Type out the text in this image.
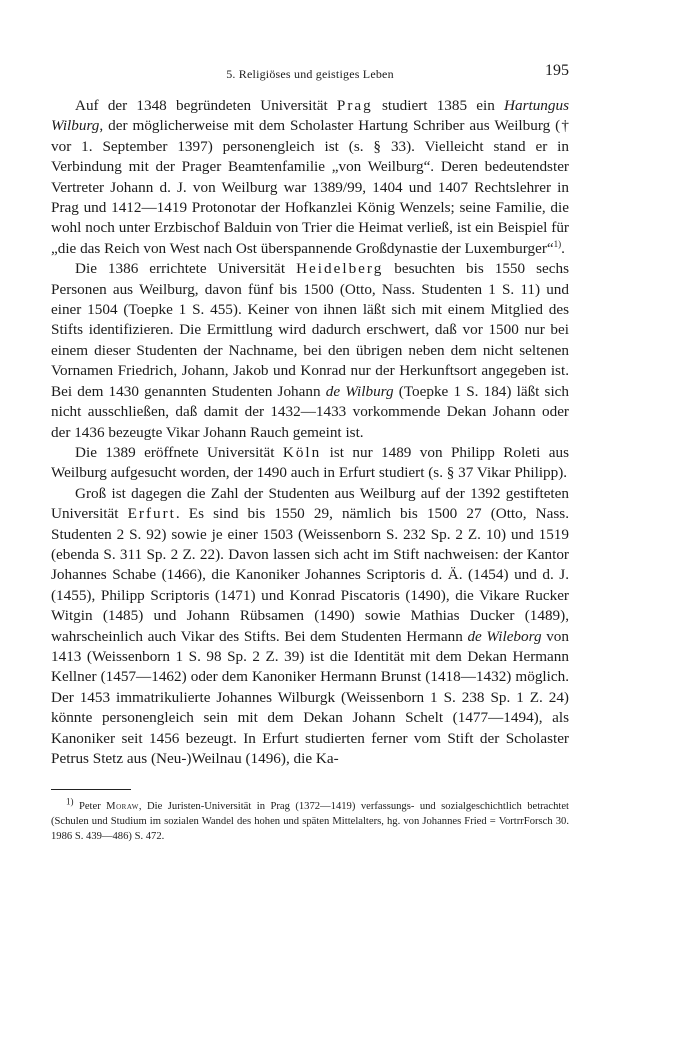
5. Religiöses und geistiges Leben	195

Auf der 1348 begründeten Universität Prag studiert 1385 ein Hartungus Wilburg, der möglicherweise mit dem Scholaster Hartung Schriber aus Weilburg († vor 1. September 1397) personengleich ist (s. § 33). Vielleicht stand er in Verbindung mit der Prager Beamtenfamilie „von Weilburg“. Deren bedeutendster Vertreter Johann d. J. von Weilburg war 1389/99, 1404 und 1407 Rechtslehrer in Prag und 1412—1419 Protonotar der Hofkanzlei König Wenzels; seine Familie, die wohl noch unter Erzbischof Balduin von Trier die Heimat verließ, ist ein Beispiel für „die das Reich von West nach Ost überspannende Großdynastie der Luxemburger“$^{1)}$.

Die 1386 errichtete Universität Heidelberg besuchten bis 1550 sechs Personen aus Weilburg, davon fünf bis 1500 (Otto, Nass. Studenten 1 S. 11) und einer 1504 (Toepke 1 S. 455). Keiner von ihnen läßt sich mit einem Mitglied des Stifts identifizieren. Die Ermittlung wird dadurch erschwert, daß vor 1500 nur bei einem dieser Studenten der Nachname, bei den übrigen neben dem nicht seltenen Vornamen Friedrich, Johann, Jakob und Konrad nur der Herkunftsort angegeben ist. Bei dem 1430 genannten Studenten Johann de Wilburg (Toepke 1 S. 184) läßt sich nicht ausschließen, daß damit der 1432—1433 vorkommende Dekan Johann oder der 1436 bezeugte Vikar Johann Rauch gemeint ist.

Die 1389 eröffnete Universität Köln ist nur 1489 von Philipp Roleti aus Weilburg aufgesucht worden, der 1490 auch in Erfurt studiert (s. § 37 Vikar Philipp).

Groß ist dagegen die Zahl der Studenten aus Weilburg auf der 1392 gestifteten Universität Erfurt. Es sind bis 1550 29, nämlich bis 1500 27 (Otto, Nass. Studenten 2 S. 92) sowie je einer 1503 (Weissenborn S. 232 Sp. 2 Z. 10) und 1519 (ebenda S. 311 Sp. 2 Z. 22). Davon lassen sich acht im Stift nachweisen: der Kantor Johannes Schabe (1466), die Kanoniker Johannes Scriptoris d. Ä. (1454) und d. J. (1455), Philipp Scriptoris (1471) und Konrad Piscatoris (1490), die Vikare Rucker Witgin (1485) und Johann Rübsamen (1490) sowie Mathias Ducker (1489), wahrscheinlich auch Vikar des Stifts. Bei dem Studenten Hermann de Wileborg von 1413 (Weissenborn 1 S. 98 Sp. 2 Z. 39) ist die Identität mit dem Dekan Hermann Kellner (1457—1462) oder dem Kanoniker Hermann Brunst (1418—1432) möglich. Der 1453 immatrikulierte Johannes Wilburgk (Weissenborn 1 S. 238 Sp. 1 Z. 24) könnte personengleich sein mit dem Dekan Johann Schelt (1477—1494), als Kanoniker seit 1456 bezeugt. In Erfurt studierten ferner vom Stift der Scholaster Petrus Stetz aus (Neu-)Weilnau (1496), die Ka-

$^{1)}$ Peter Moraw, Die Juristen-Universität in Prag (1372—1419) verfassungs- und sozialgeschichtlich betrachtet (Schulen und Studium im sozialen Wandel des hohen und späten Mittelalters, hg. von Johannes Fried = VortrrForsch 30. 1986 S. 439—486) S. 472.
